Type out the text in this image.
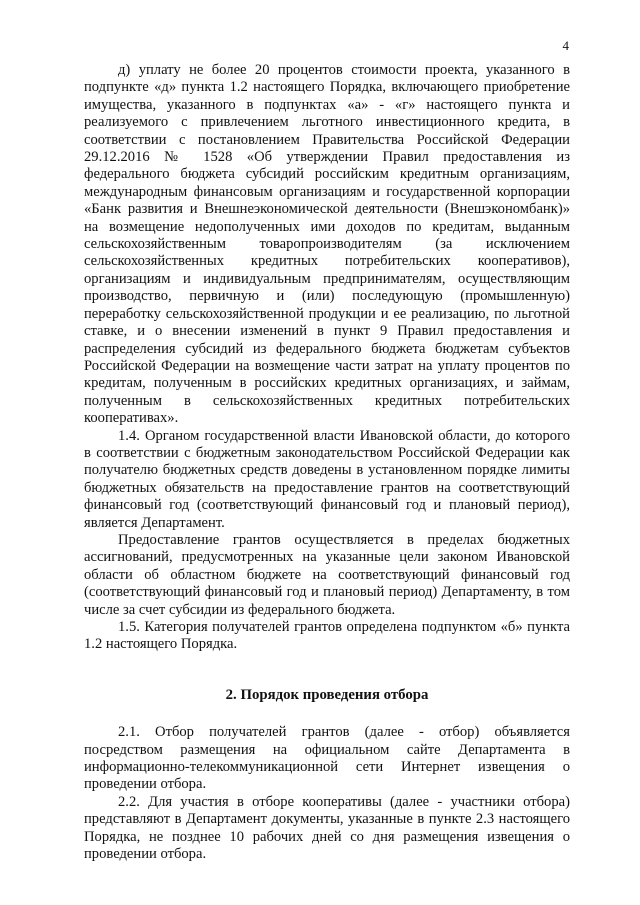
4

д) уплату не более 20 процентов стоимости проекта, указанного в подпункте «д» пункта 1.2 настоящего Порядка, включающего приобретение имущества, указанного в подпунктах «а» - «г» настоящего пункта и реализуемого с привлечением льготного инвестиционного кредита, в соответствии с постановлением Правительства Российской Федерации 29.12.2016 № 1528 «Об утверждении Правил предоставления из федерального бюджета субсидий российским кредитным организациям, международным финансовым организациям и государственной корпорации «Банк развития и Внешнеэкономической деятельности (Внешэкономбанк)» на возмещение недополученных ими доходов по кредитам, выданным сельскохозяйственным товаропроизводителям (за исключением сельскохозяйственных кредитных потребительских кооперативов), организациям и индивидуальным предпринимателям, осуществляющим производство, первичную и (или) последующую (промышленную) переработку сельскохозяйственной продукции и ее реализацию, по льготной ставке, и о внесении изменений в пункт 9 Правил предоставления и распределения субсидий из федерального бюджета бюджетам субъектов Российской Федерации на возмещение части затрат на уплату процентов по кредитам, полученным в российских кредитных организациях, и займам, полученным в сельскохозяйственных кредитных потребительских кооперативах».

1.4. Органом государственной власти Ивановской области, до которого в соответствии с бюджетным законодательством Российской Федерации как получателю бюджетных средств доведены в установленном порядке лимиты бюджетных обязательств на предоставление грантов на соответствующий финансовый год (соответствующий финансовый год и плановый период), является Департамент.

Предоставление грантов осуществляется в пределах бюджетных ассигнований, предусмотренных на указанные цели законом Ивановской области об областном бюджете на соответствующий финансовый год (соответствующий финансовый год и плановый период) Департаменту, в том числе за счет субсидии из федерального бюджета.

1.5. Категория получателей грантов определена подпунктом «б» пункта 1.2 настоящего Порядка.

2. Порядок проведения отбора

2.1. Отбор получателей грантов (далее - отбор) объявляется посредством размещения на официальном сайте Департамента в информационно-телекоммуникационной сети Интернет извещения о проведении отбора.

2.2. Для участия в отборе кооперативы (далее - участники отбора) представляют в Департамент документы, указанные в пункте 2.3 настоящего Порядка, не позднее 10 рабочих дней со дня размещения извещения о проведении отбора.
